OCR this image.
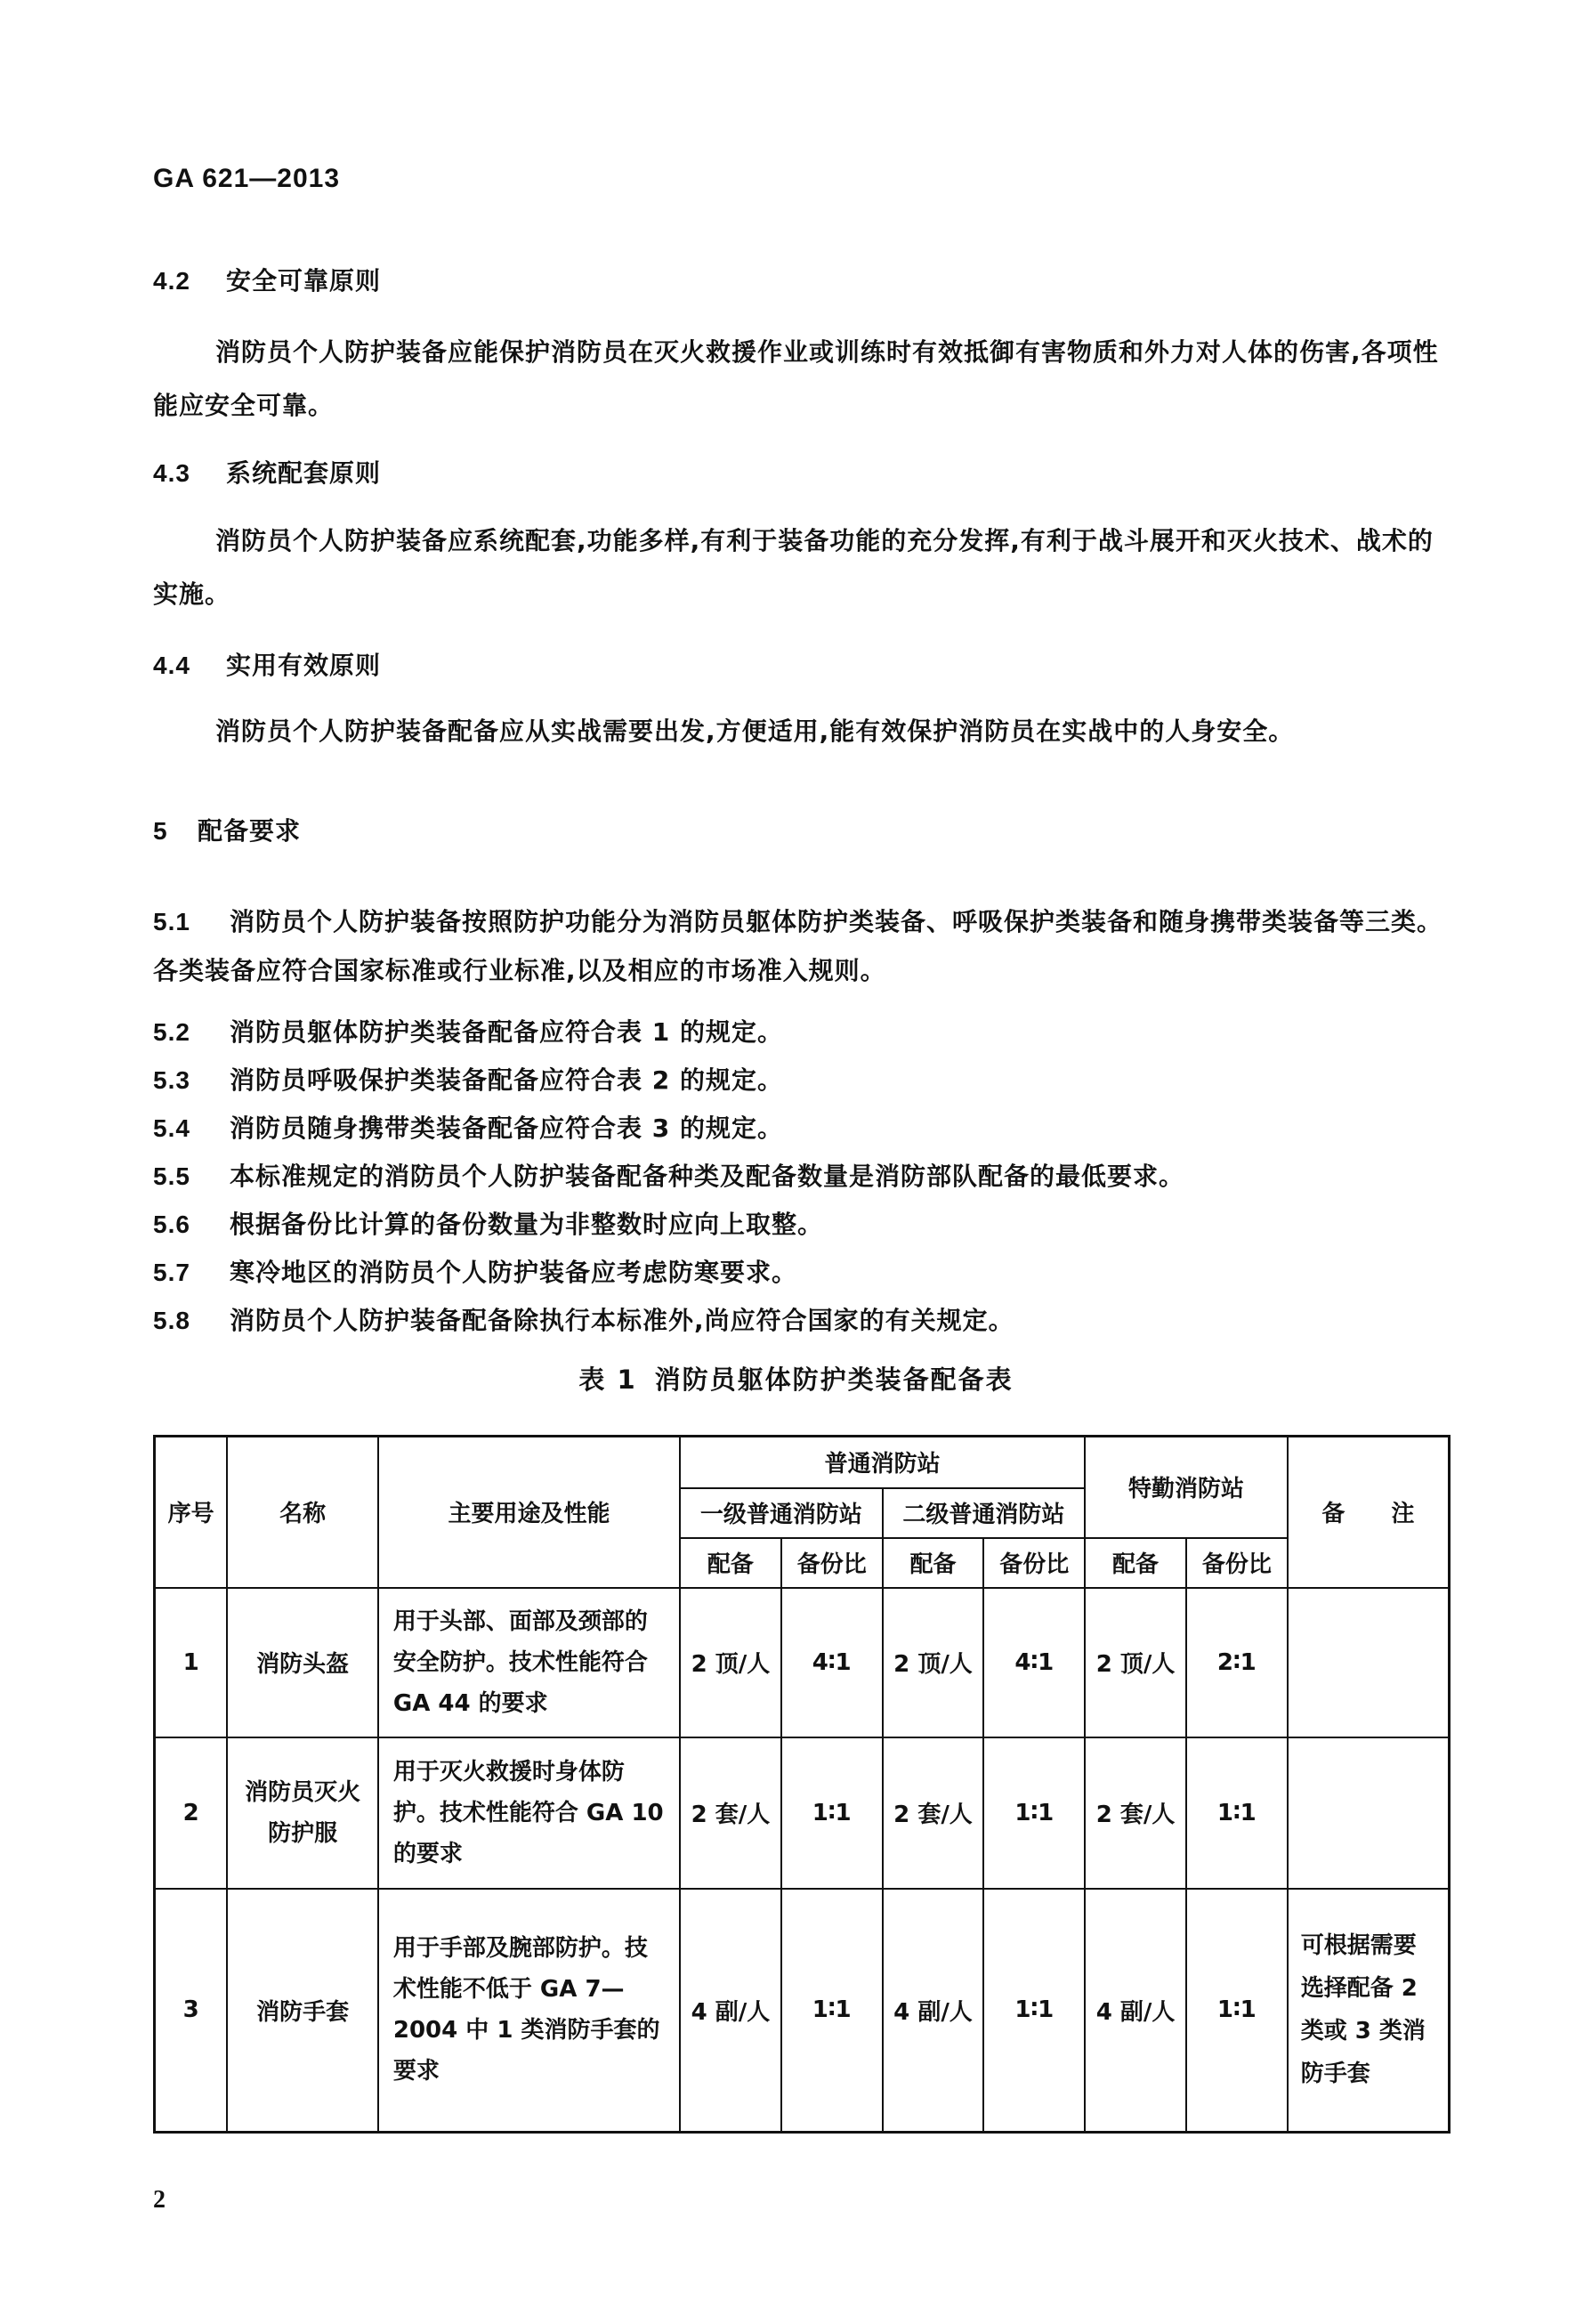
GA 621—2013
4.2 安全可靠原则
消防员个人防护装备应能保护消防员在灭火救援作业或训练时有效抵御有害物质和外力对人体的伤害,各项性能应安全可靠。
4.3 系统配套原则
消防员个人防护装备应系统配套,功能多样,有利于装备功能的充分发挥,有利于战斗展开和灭火技术、战术的实施。
4.4 实用有效原则
消防员个人防护装备配备应从实战需要出发,方便适用,能有效保护消防员在实战中的人身安全。
5 配备要求
5.1 消防员个人防护装备按照防护功能分为消防员躯体防护类装备、呼吸保护类装备和随身携带类装备等三类。各类装备应符合国家标准或行业标准,以及相应的市场准入规则。
5.2 消防员躯体防护类装备配备应符合表 1 的规定。
5.3 消防员呼吸保护类装备配备应符合表 2 的规定。
5.4 消防员随身携带类装备配备应符合表 3 的规定。
5.5 本标准规定的消防员个人防护装备配备种类及配备数量是消防部队配备的最低要求。
5.6 根据备份比计算的备份数量为非整数时应向上取整。
5.7 寒冷地区的消防员个人防护装备应考虑防寒要求。
5.8 消防员个人防护装备配备除执行本标准外,尚应符合国家的有关规定。
表 1 消防员躯体防护类装备配备表
序号	名称	主要用途及性能	普通消防站				特勤消防站		备　　注
			一级普通消防站		二级普通消防站				
			配备	备份比	配备	备份比	配备	备份比	
1	消防头盔	用于头部、面部及颈部的安全防护。技术性能符合 GA 44 的要求	2 顶/人	4∶1	2 顶/人	4∶1	2 顶/人	2∶1	
2	消防员灭火防护服	用于灭火救援时身体防护。技术性能符合 GA 10 的要求	2 套/人	1∶1	2 套/人	1∶1	2 套/人	1∶1	
3	消防手套	用于手部及腕部防护。技术性能不低于 GA 7—2004 中 1 类消防手套的要求	4 副/人	1∶1	4 副/人	1∶1	4 副/人	1∶1	可根据需要选择配备 2 类或 3 类消防手套
2
